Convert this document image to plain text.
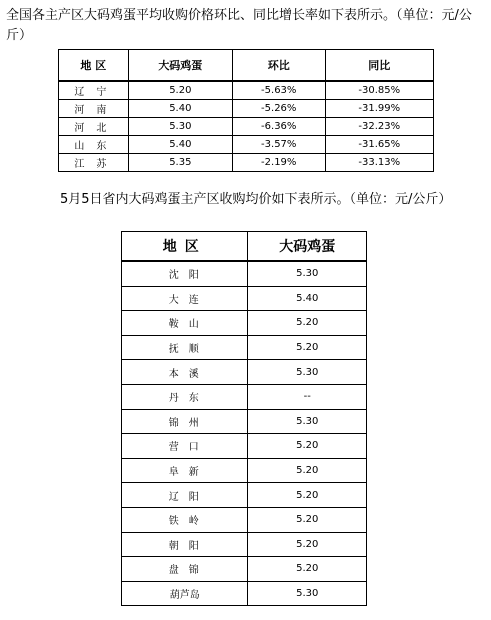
全国各主产区大码鸡蛋平均收购价格环比、同比增长率如下表所示。（单位：元/公斤）
地 区	大码鸡蛋	环比	同比
辽宁	5.20	-5.63%	-30.85%
河南	5.40	-5.26%	-31.99%
河北	5.30	-6.36%	-32.23%
山东	5.40	-3.57%	-31.65%
江苏	5.35	-2.19%	-33.13%
5月5日省内大码鸡蛋主产区收购均价如下表所示。（单位：元/公斤）
地区	大码鸡蛋
沈阳	5.30
大连	5.40
鞍山	5.20
抚顺	5.20
本溪	5.30
丹东	--
锦州	5.30
营口	5.20
阜新	5.20
辽阳	5.20
铁岭	5.20
朝阳	5.20
盘锦	5.20
葫芦岛	5.30
